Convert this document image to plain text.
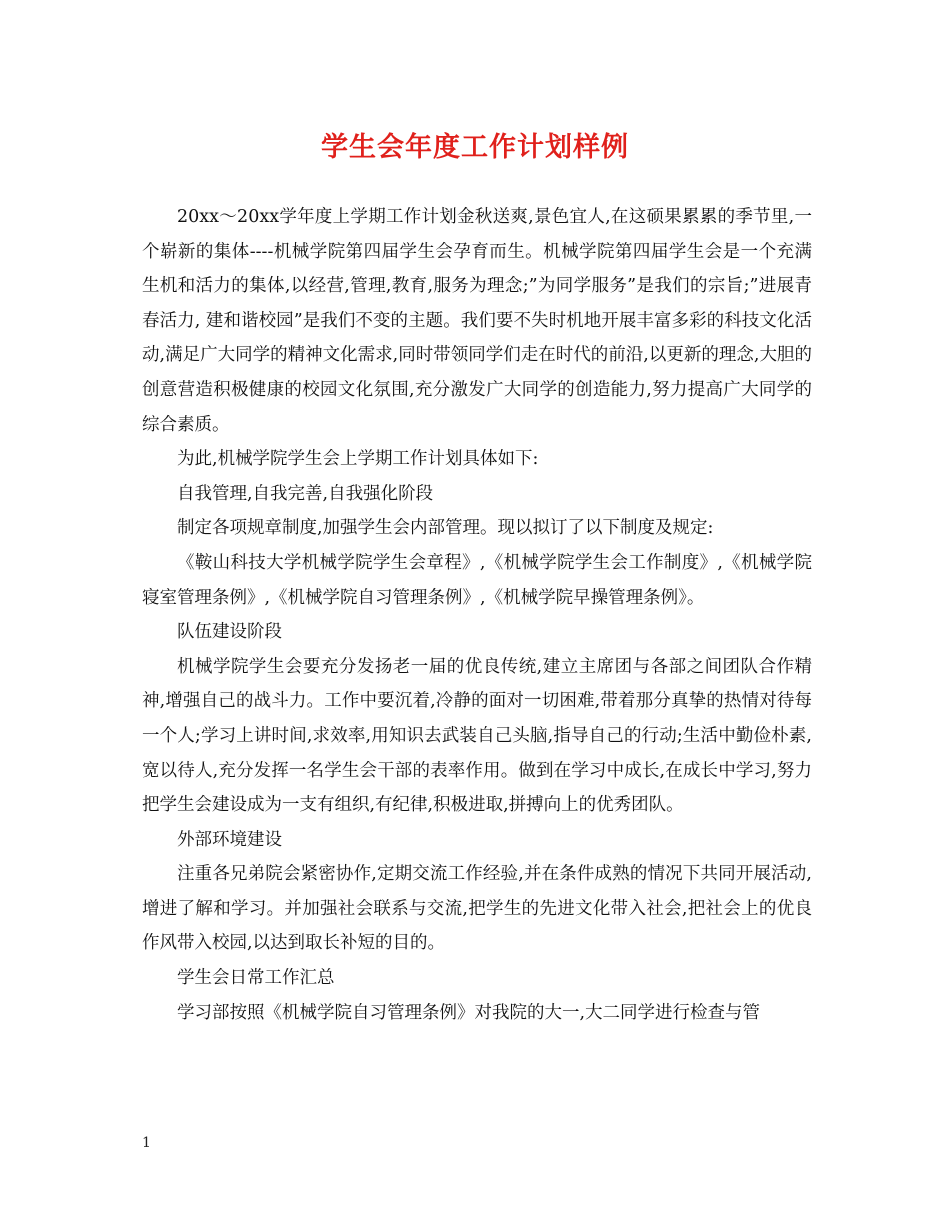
学生会年度工作计划样例

20xx～20xx学年度上学期工作计划金秋送爽,景色宜人,在这硕果累累的季节里,一个崭新的集体----机械学院第四届学生会孕育而生。机械学院第四届学生会是一个充满生机和活力的集体,以经营,管理,教育,服务为理念;”为同学服务”是我们的宗旨;”进展青春活力, 建和谐校园”是我们不变的主题。我们要不失时机地开展丰富多彩的科技文化活动,满足广大同学的精神文化需求,同时带领同学们走在时代的前沿,以更新的理念,大胆的创意营造积极健康的校园文化氛围,充分激发广大同学的创造能力,努力提高广大同学的综合素质。

为此,机械学院学生会上学期工作计划具体如下:

自我管理,自我完善,自我强化阶段

制定各项规章制度,加强学生会内部管理。现以拟订了以下制度及规定:

《鞍山科技大学机械学院学生会章程》,《机械学院学生会工作制度》,《机械学院寝室管理条例》,《机械学院自习管理条例》,《机械学院早操管理条例》。

队伍建设阶段

机械学院学生会要充分发扬老一届的优良传统,建立主席团与各部之间团队合作精神,增强自己的战斗力。工作中要沉着,冷静的面对一切困难,带着那分真挚的热情对待每一个人;学习上讲时间,求效率,用知识去武装自己头脑,指导自己的行动;生活中勤俭朴素,宽以待人,充分发挥一名学生会干部的表率作用。做到在学习中成长,在成长中学习,努力把学生会建设成为一支有组织,有纪律,积极进取,拼搏向上的优秀团队。

外部环境建设

注重各兄弟院会紧密协作,定期交流工作经验,并在条件成熟的情况下共同开展活动,增进了解和学习。并加强社会联系与交流,把学生的先进文化带入社会,把社会上的优良作风带入校园,以达到取长补短的目的。

学生会日常工作汇总

学习部按照《机械学院自习管理条例》对我院的大一,大二同学进行检查与管

1
